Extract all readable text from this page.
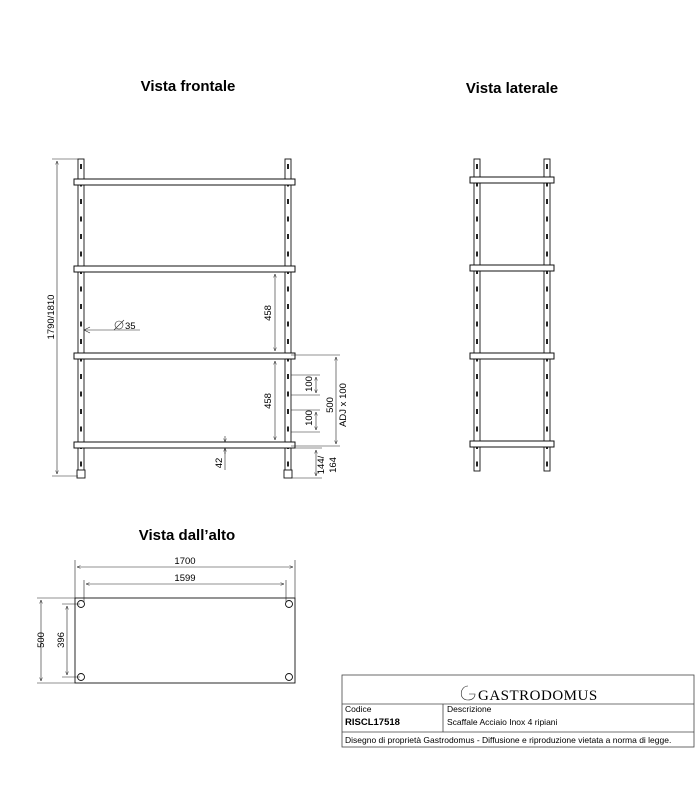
Vista frontale	Vista laterale
Vista dall’alto
1790/1810	35
458
458
100
100
500 ADJ x 100
144/ 164
42
1700
1599
500 396
GASTRODOMUS
Codice
RISCL17518
Descrizione
Scaffale Acciaio Inox 4 ripiani
Disegno di proprietà Gastrodomus - Diffusione e riproduzione vietata a norma di legge.
